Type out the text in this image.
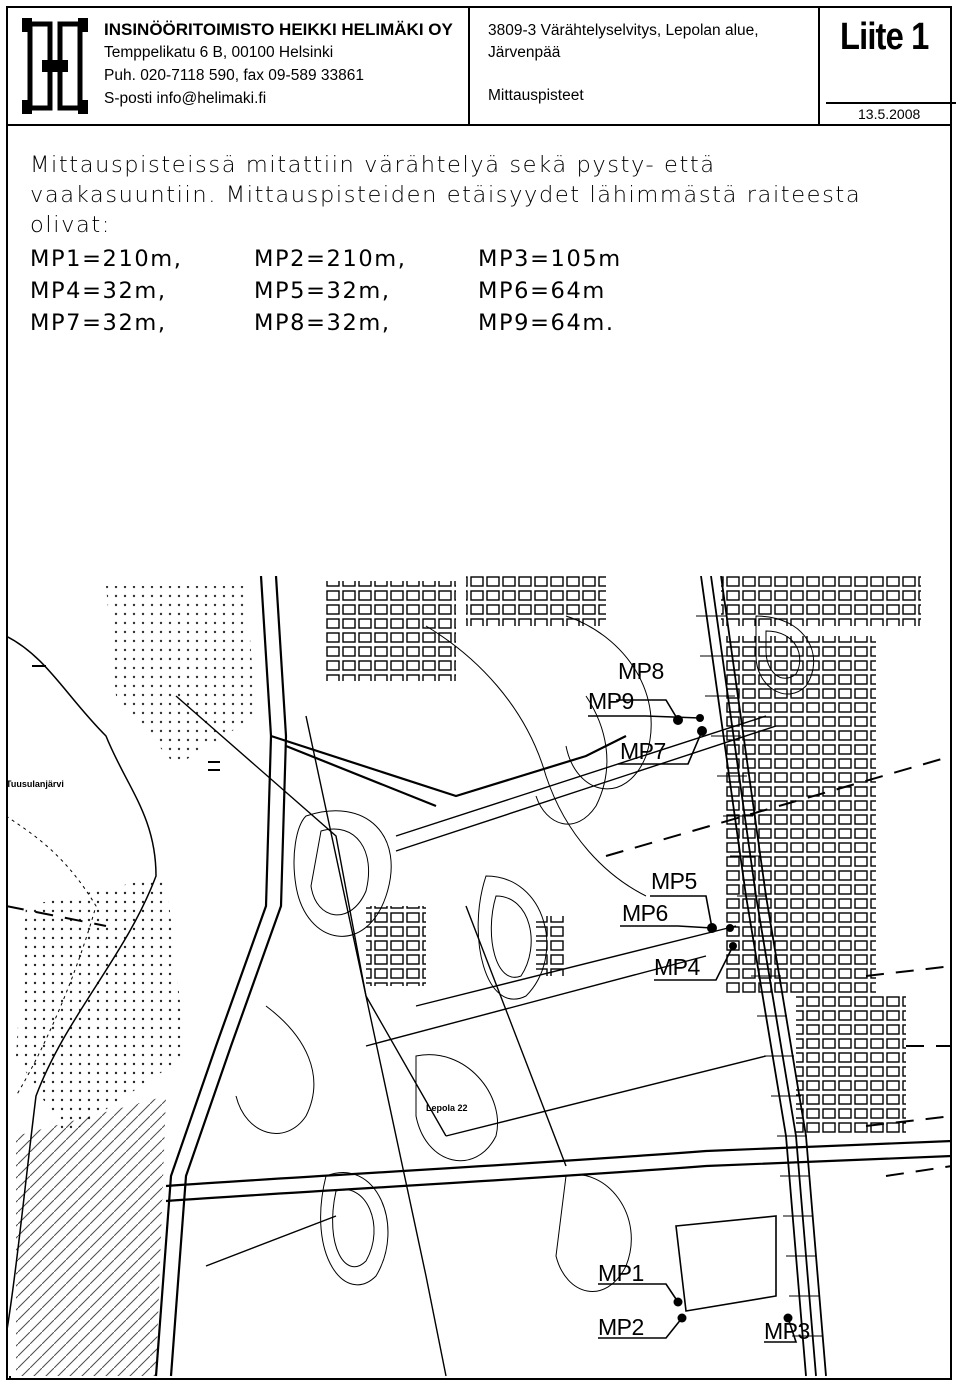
INSINÖÖRITOIMISTO HEIKKI HELIMÄKI OY
Temppelikatu 6 B, 00100 Helsinki
Puh. 020-7118 590, fax 09-589 33861
S-posti info@helimaki.fi
3809-3 Värähtelyselvitys, Lepolan alue,
Järvenpää
Mittauspisteet
Liite 1
13.5.2008

Mittauspisteissä mitattiin värähtelyä sekä pysty- että

vaakasuuntiin. Mittauspisteiden etäisyydet lähimmästä raiteesta

olivat:

MP1=210m,	MP2=210m,	MP3=105m
MP4=32m,	MP5=32m,	MP6=64m
MP7=32m,	MP8=32m,	MP9=64m.
MP8
MP9
MP7
MP5
MP6
MP4
MP1
MP2	MP3
Tuusulanjärvi
Lepola 22
